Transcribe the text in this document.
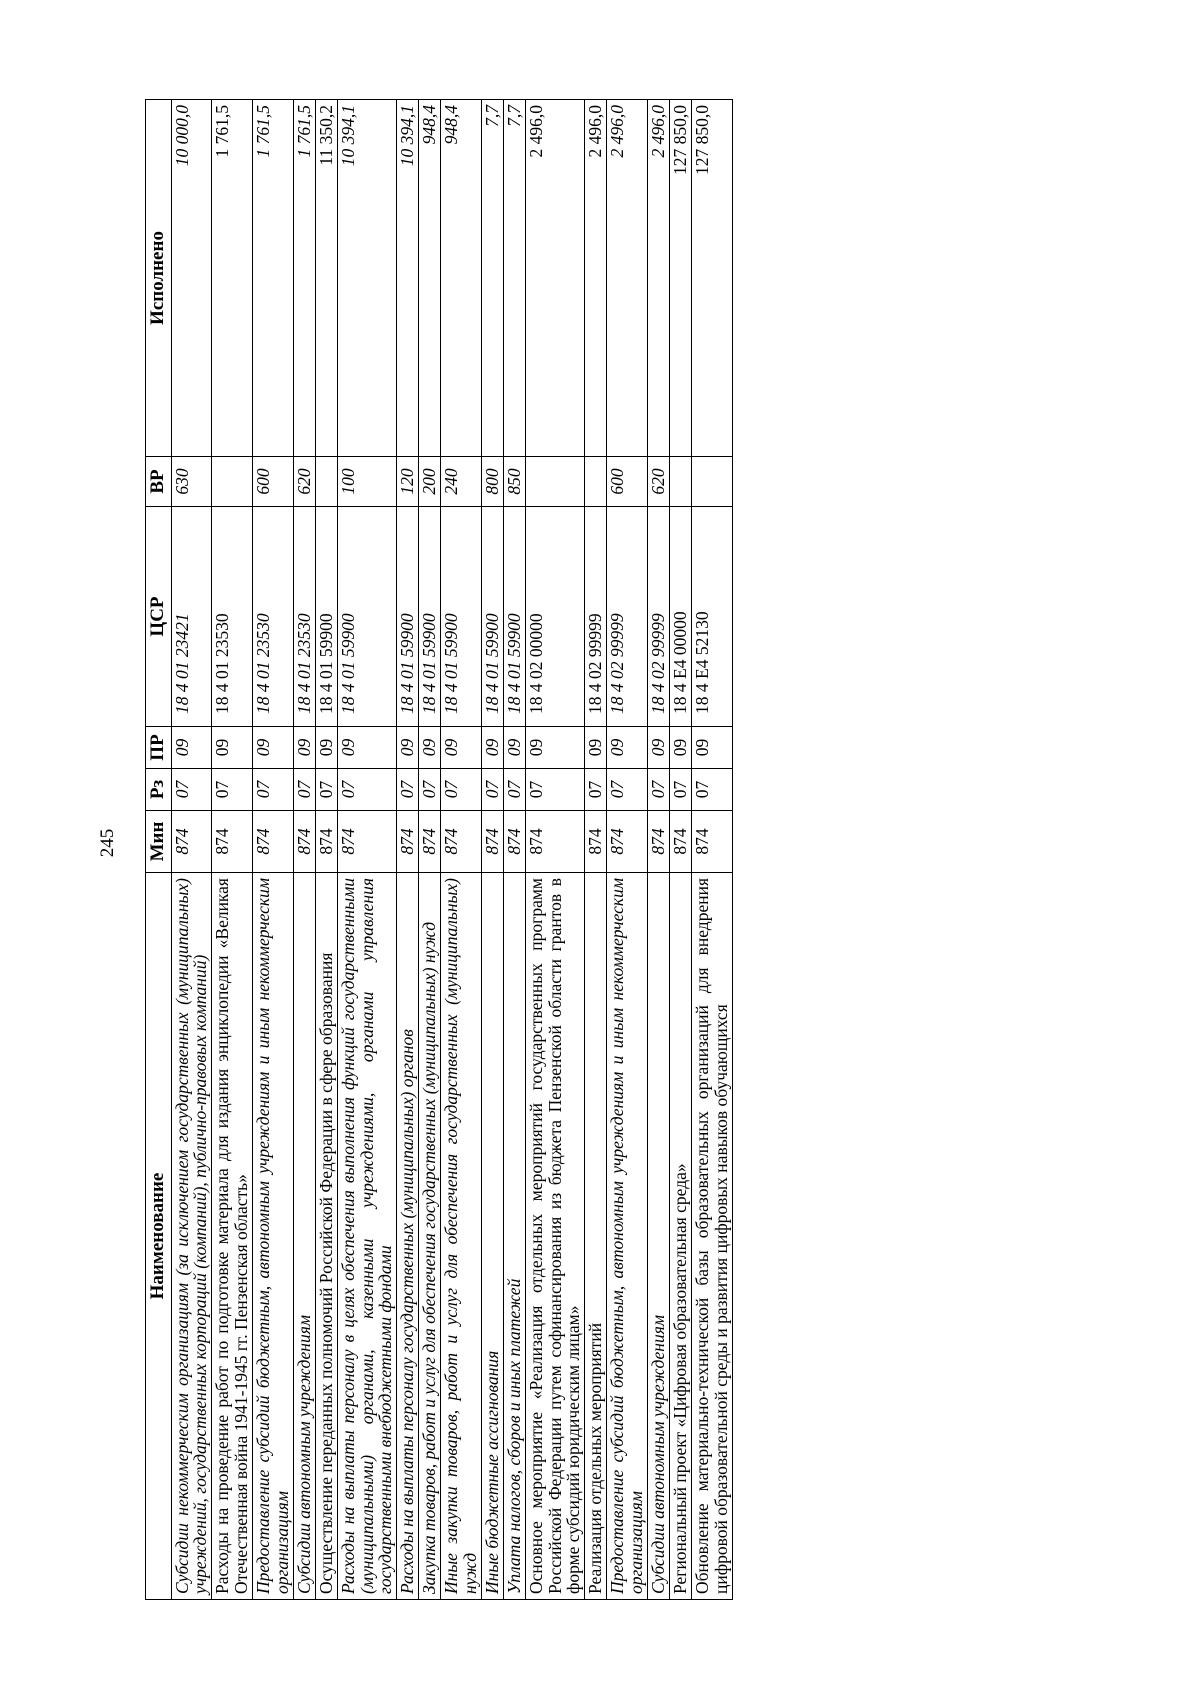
245
Наименование	Мин	Рз	ПР	ЦСР	ВР	Исполнено
Субсидии некоммерческим организациям (за исключением государственных (муниципальных) учреждений, государственных корпораций (компаний), публично-правовых компаний)	874	07	09	18 4 01 23421	630	10 000,0
Расходы на проведение работ по подготовке материала для издания энциклопедии «Великая Отечественная война 1941-1945 гг. Пензенская область»	874	07	09	18 4 01 23530		1 761,5
Предоставление субсидий бюджетным, автономным учреждениям и иным некоммерческим организациям	874	07	09	18 4 01 23530	600	1 761,5
Субсидии автономным учреждениям	874	07	09	18 4 01 23530	620	1 761,5
Осуществление переданных полномочий Российской Федерации в сфере образования	874	07	09	18 4 01 59900		11 350,2
Расходы на выплаты персоналу в целях обеспечения выполнения функций государственными (муниципальными) органами, казенными учреждениями, органами управления государственными внебюджетными фондами	874	07	09	18 4 01 59900	100	10 394,1
Расходы на выплаты персоналу государственных (муниципальных) органов	874	07	09	18 4 01 59900	120	10 394,1
Закупка товаров, работ и услуг для обеспечения государственных (муниципальных) нужд	874	07	09	18 4 01 59900	200	948,4
Иные закупки товаров, работ и услуг для обеспечения государственных (муниципальных) нужд	874	07	09	18 4 01 59900	240	948,4
Иные бюджетные ассигнования	874	07	09	18 4 01 59900	800	7,7
Уплата налогов, сборов и иных платежей	874	07	09	18 4 01 59900	850	7,7
Основное мероприятие «Реализация отдельных мероприятий государственных программ Российской Федерации путем софинансирования из бюджета Пензенской области грантов в форме субсидий юридическим лицам»	874	07	09	18 4 02 00000		2 496,0
Реализация отдельных мероприятий	874	07	09	18 4 02 99999		2 496,0
Предоставление субсидий бюджетным, автономным учреждениям и иным некоммерческим организациям	874	07	09	18 4 02 99999	600	2 496,0
Субсидии автономным учреждениям	874	07	09	18 4 02 99999	620	2 496,0
Региональный проект «Цифровая образовательная среда»	874	07	09	18 4 E4 00000		127 850,0
Обновление материально-технической базы образовательных организаций для внедрения цифровой образовательной среды и развития цифровых навыков обучающихся	874	07	09	18 4 E4 52130		127 850,0
